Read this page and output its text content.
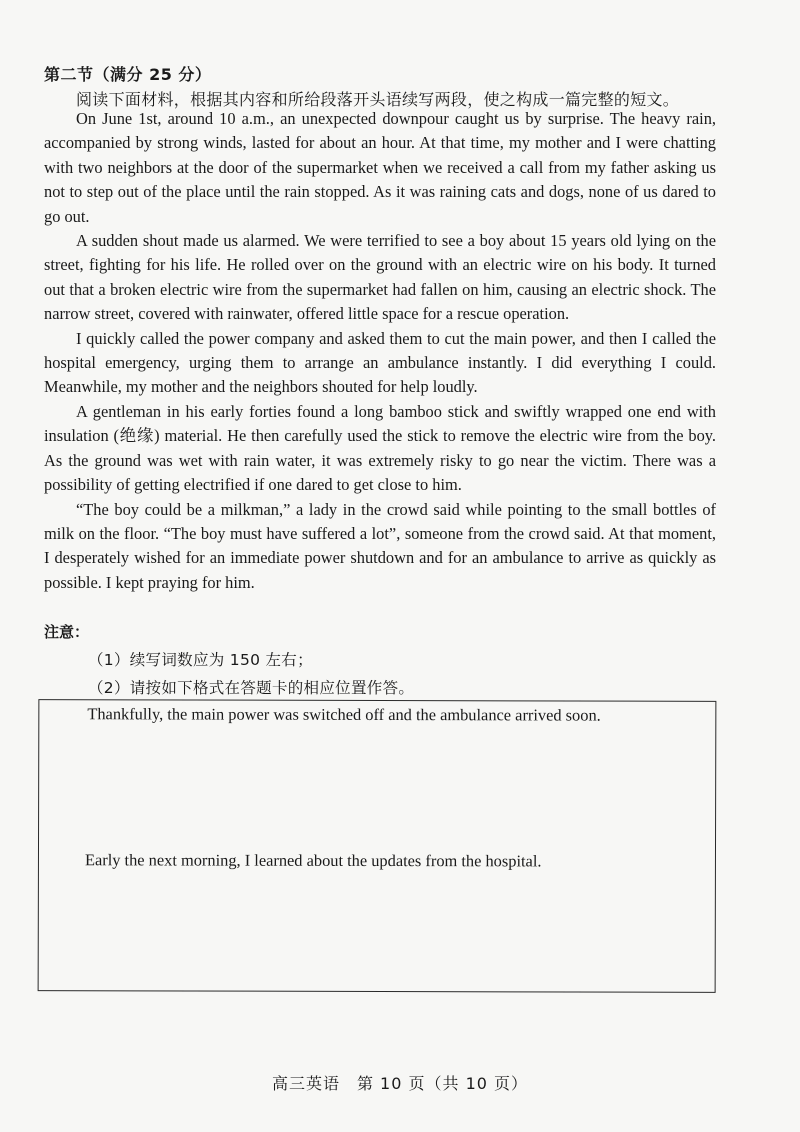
第二节（满分 25 分）
阅读下面材料，根据其内容和所给段落开头语续写两段，使之构成一篇完整的短文。

On June 1st, around 10 a.m., an unexpected downpour caught us by surprise. The heavy rain, accompanied by strong winds, lasted for about an hour. At that time, my mother and I were chatting with two neighbors at the door of the supermarket when we received a call from my father asking us not to step out of the place until the rain stopped. As it was raining cats and dogs, none of us dared to go out.

A sudden shout made us alarmed. We were terrified to see a boy about 15 years old lying on the street, fighting for his life. He rolled over on the ground with an electric wire on his body. It turned out that a broken electric wire from the supermarket had fallen on him, causing an electric shock. The narrow street, covered with rainwater, offered little space for a rescue operation.

I quickly called the power company and asked them to cut the main power, and then I called the hospital emergency, urging them to arrange an ambulance instantly. I did everything I could. Meanwhile, my mother and the neighbors shouted for help loudly.

A gentleman in his early forties found a long bamboo stick and swiftly wrapped one end with insulation (绝缘) material. He then carefully used the stick to remove the electric wire from the boy. As the ground was wet with rain water, it was extremely risky to go near the victim. There was a possibility of getting electrified if one dared to get close to him.

“The boy could be a milkman,” a lady in the crowd said while pointing to the small bottles of milk on the floor. “The boy must have suffered a lot”, someone from the crowd said. At that moment, I desperately wished for an immediate power shutdown and for an ambulance to arrive as quickly as possible. I kept praying for him.

注意：
（1）续写词数应为 150 左右；
（2）请按如下格式在答题卡的相应位置作答。
Thankfully, the main power was switched off and the ambulance arrived soon.
Early the next morning, I learned about the updates from the hospital.
高三英语　第 10 页（共 10 页）
